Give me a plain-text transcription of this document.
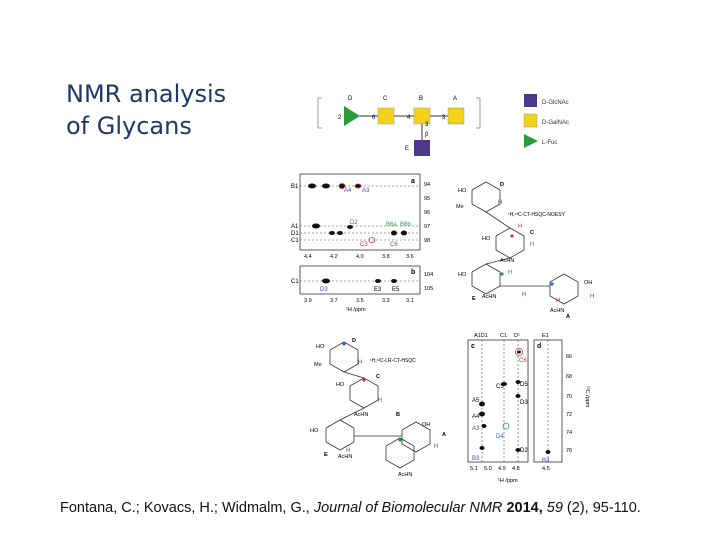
NMR analysis
of Glycans
D	C	B	A
E
2	6	4	3
3
β
D-GlcNAc
D-GalNAc
L-Fuc
a
B1
A1
D1
C1
A4 A3
D2	B6a B6b
C3	C6
4.4	4.2	4.0	3.8	3.6
94
95
96
97
98
b
C1
D3	E3 E5
3.9	3.7	3.5	3.3	3.1
104
105
¹H /ppm
D
C
E
A
¹H,¹³C-CT-HSQC-NOESY
HO
Me
HO
AcHN
HO
AcHN
OH
AcHN
H
H
H
H
H
H
H
D
C
B
A
E
¹H,¹³C-LR-CT-HSQC
HO
Me
HO
AcHN
HO
AcHN
OH
AcHN
H
H
H
H
c	d
A1D1 C1 D¹	E1
C6
C5	D5
D3
A5
A4
A3
D4
D2
B3	B3
5.1 5.0 4.9 4.8	4.5
66
68
70
72
74
76
¹H /ppm
¹³C /ppm
Fontana, C.; Kovacs, H.; Widmalm, G., Journal of Biomolecular NMR 2014, 59 (2), 95-110.
